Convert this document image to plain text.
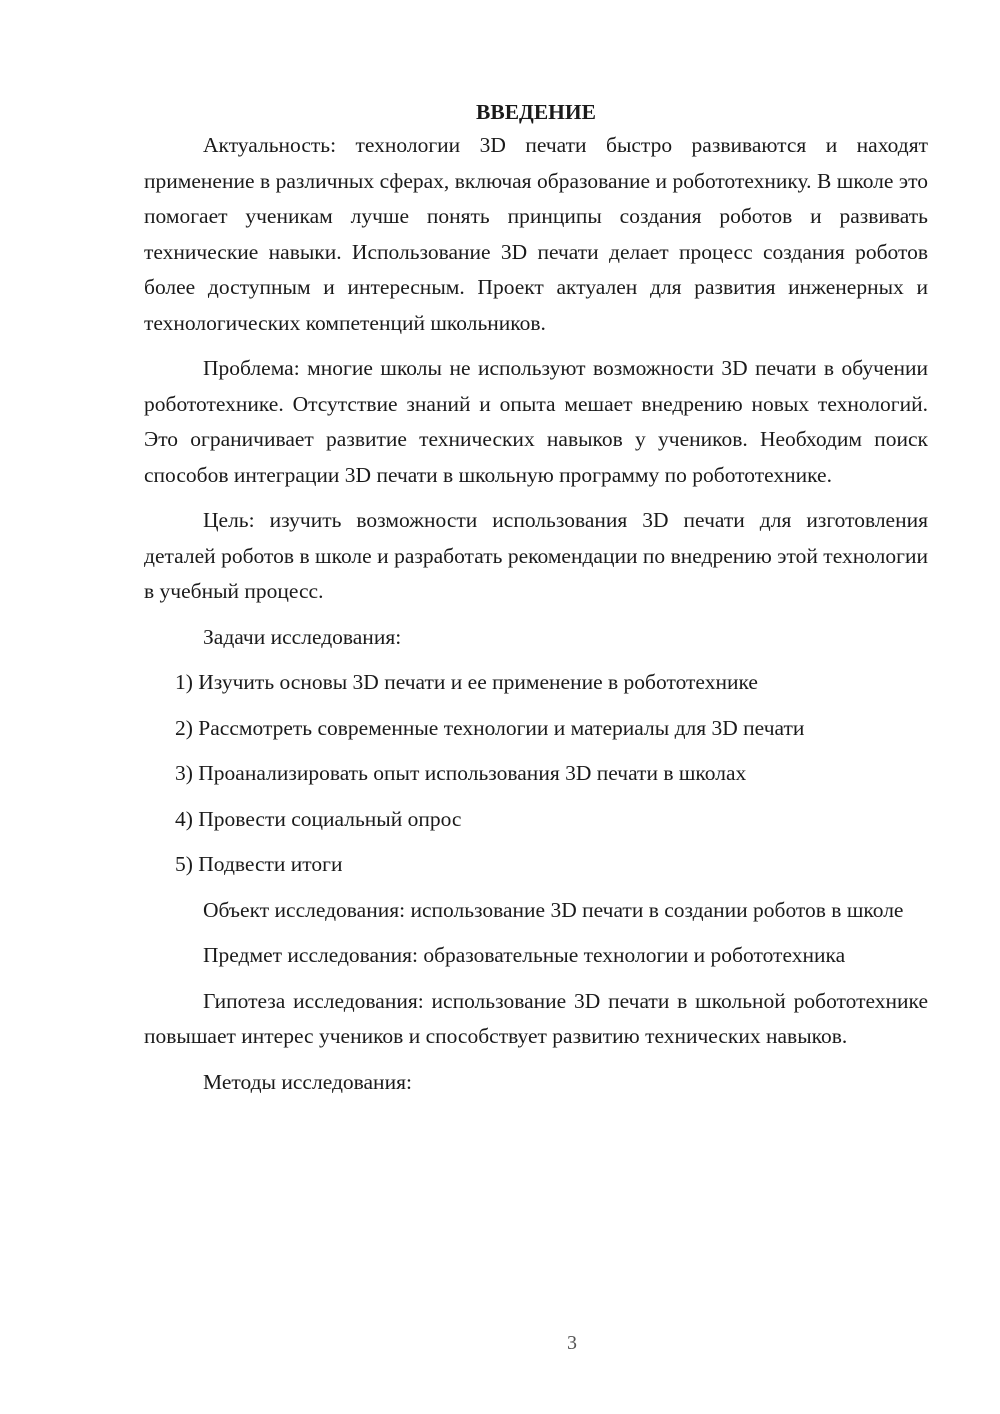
ВВЕДЕНИЕ

Актуальность: технологии 3D печати быстро развиваются и находят применение в различных сферах, включая образование и робототехнику. В школе это помогает ученикам лучше понять принципы создания роботов и развивать технические навыки. Использование 3D печати делает процесс создания роботов более доступным и интересным. Проект актуален для развития инженерных и технологических компетенций школьников.

Проблема: многие школы не используют возможности 3D печати в обучении робототехнике. Отсутствие знаний и опыта мешает внедрению новых технологий. Это ограничивает развитие технических навыков у учеников. Необходим поиск способов интеграции 3D печати в школьную программу по робототехнике.

Цель: изучить возможности использования 3D печати для изготовления деталей роботов в школе и разработать рекомендации по внедрению этой технологии в учебный процесс.

Задачи исследования:

1) Изучить основы 3D печати и ее применение в робототехнике
2) Рассмотреть современные технологии и материалы для 3D печати
3) Проанализировать опыт использования 3D печати в школах
4) Провести социальный опрос
5) Подвести итоги

Объект исследования: использование 3D печати в создании роботов в школе

Предмет исследования: образовательные технологии и робототехника

Гипотеза исследования: использование 3D печати в школьной робототехнике повышает интерес учеников и способствует развитию технических навыков.

Методы исследования:

3
